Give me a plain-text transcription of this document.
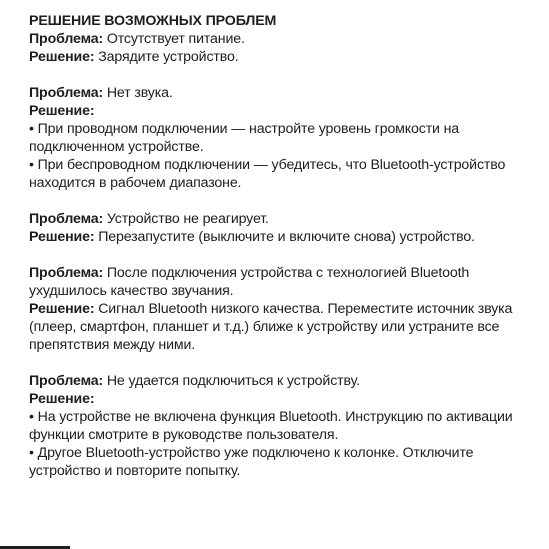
РЕШЕНИЕ ВОЗМОЖНЫХ ПРОБЛЕМ

Проблема: Отсутствует питание.
Решение: Зарядите устройство.
Проблема: Нет звука.
Решение:
• При проводном подключении — настройте уровень громкости на подключенном устройстве.
• При беспроводном подключении — убедитесь, что Bluetooth-устройство находится в рабочем диапазоне.
Проблема: Устройство не реагирует.
Решение: Перезапустите (выключите и включите снова) устройство.
Проблема: После подключения устройства с технологией Bluetooth ухудшилось качество звучания.
Решение: Сигнал Bluetooth низкого качества. Переместите источник звука (плеер, смартфон, планшет и т.д.) ближе к устройству или устраните все препятствия между ними.
Проблема: Не удается подключиться к устройству.
Решение:
• На устройстве не включена функция Bluetooth. Инструкцию по активации функции смотрите в руководстве пользователя.
• Другое Bluetooth-устройство уже подключено к колонке. Отключите устройство и повторите попытку.
